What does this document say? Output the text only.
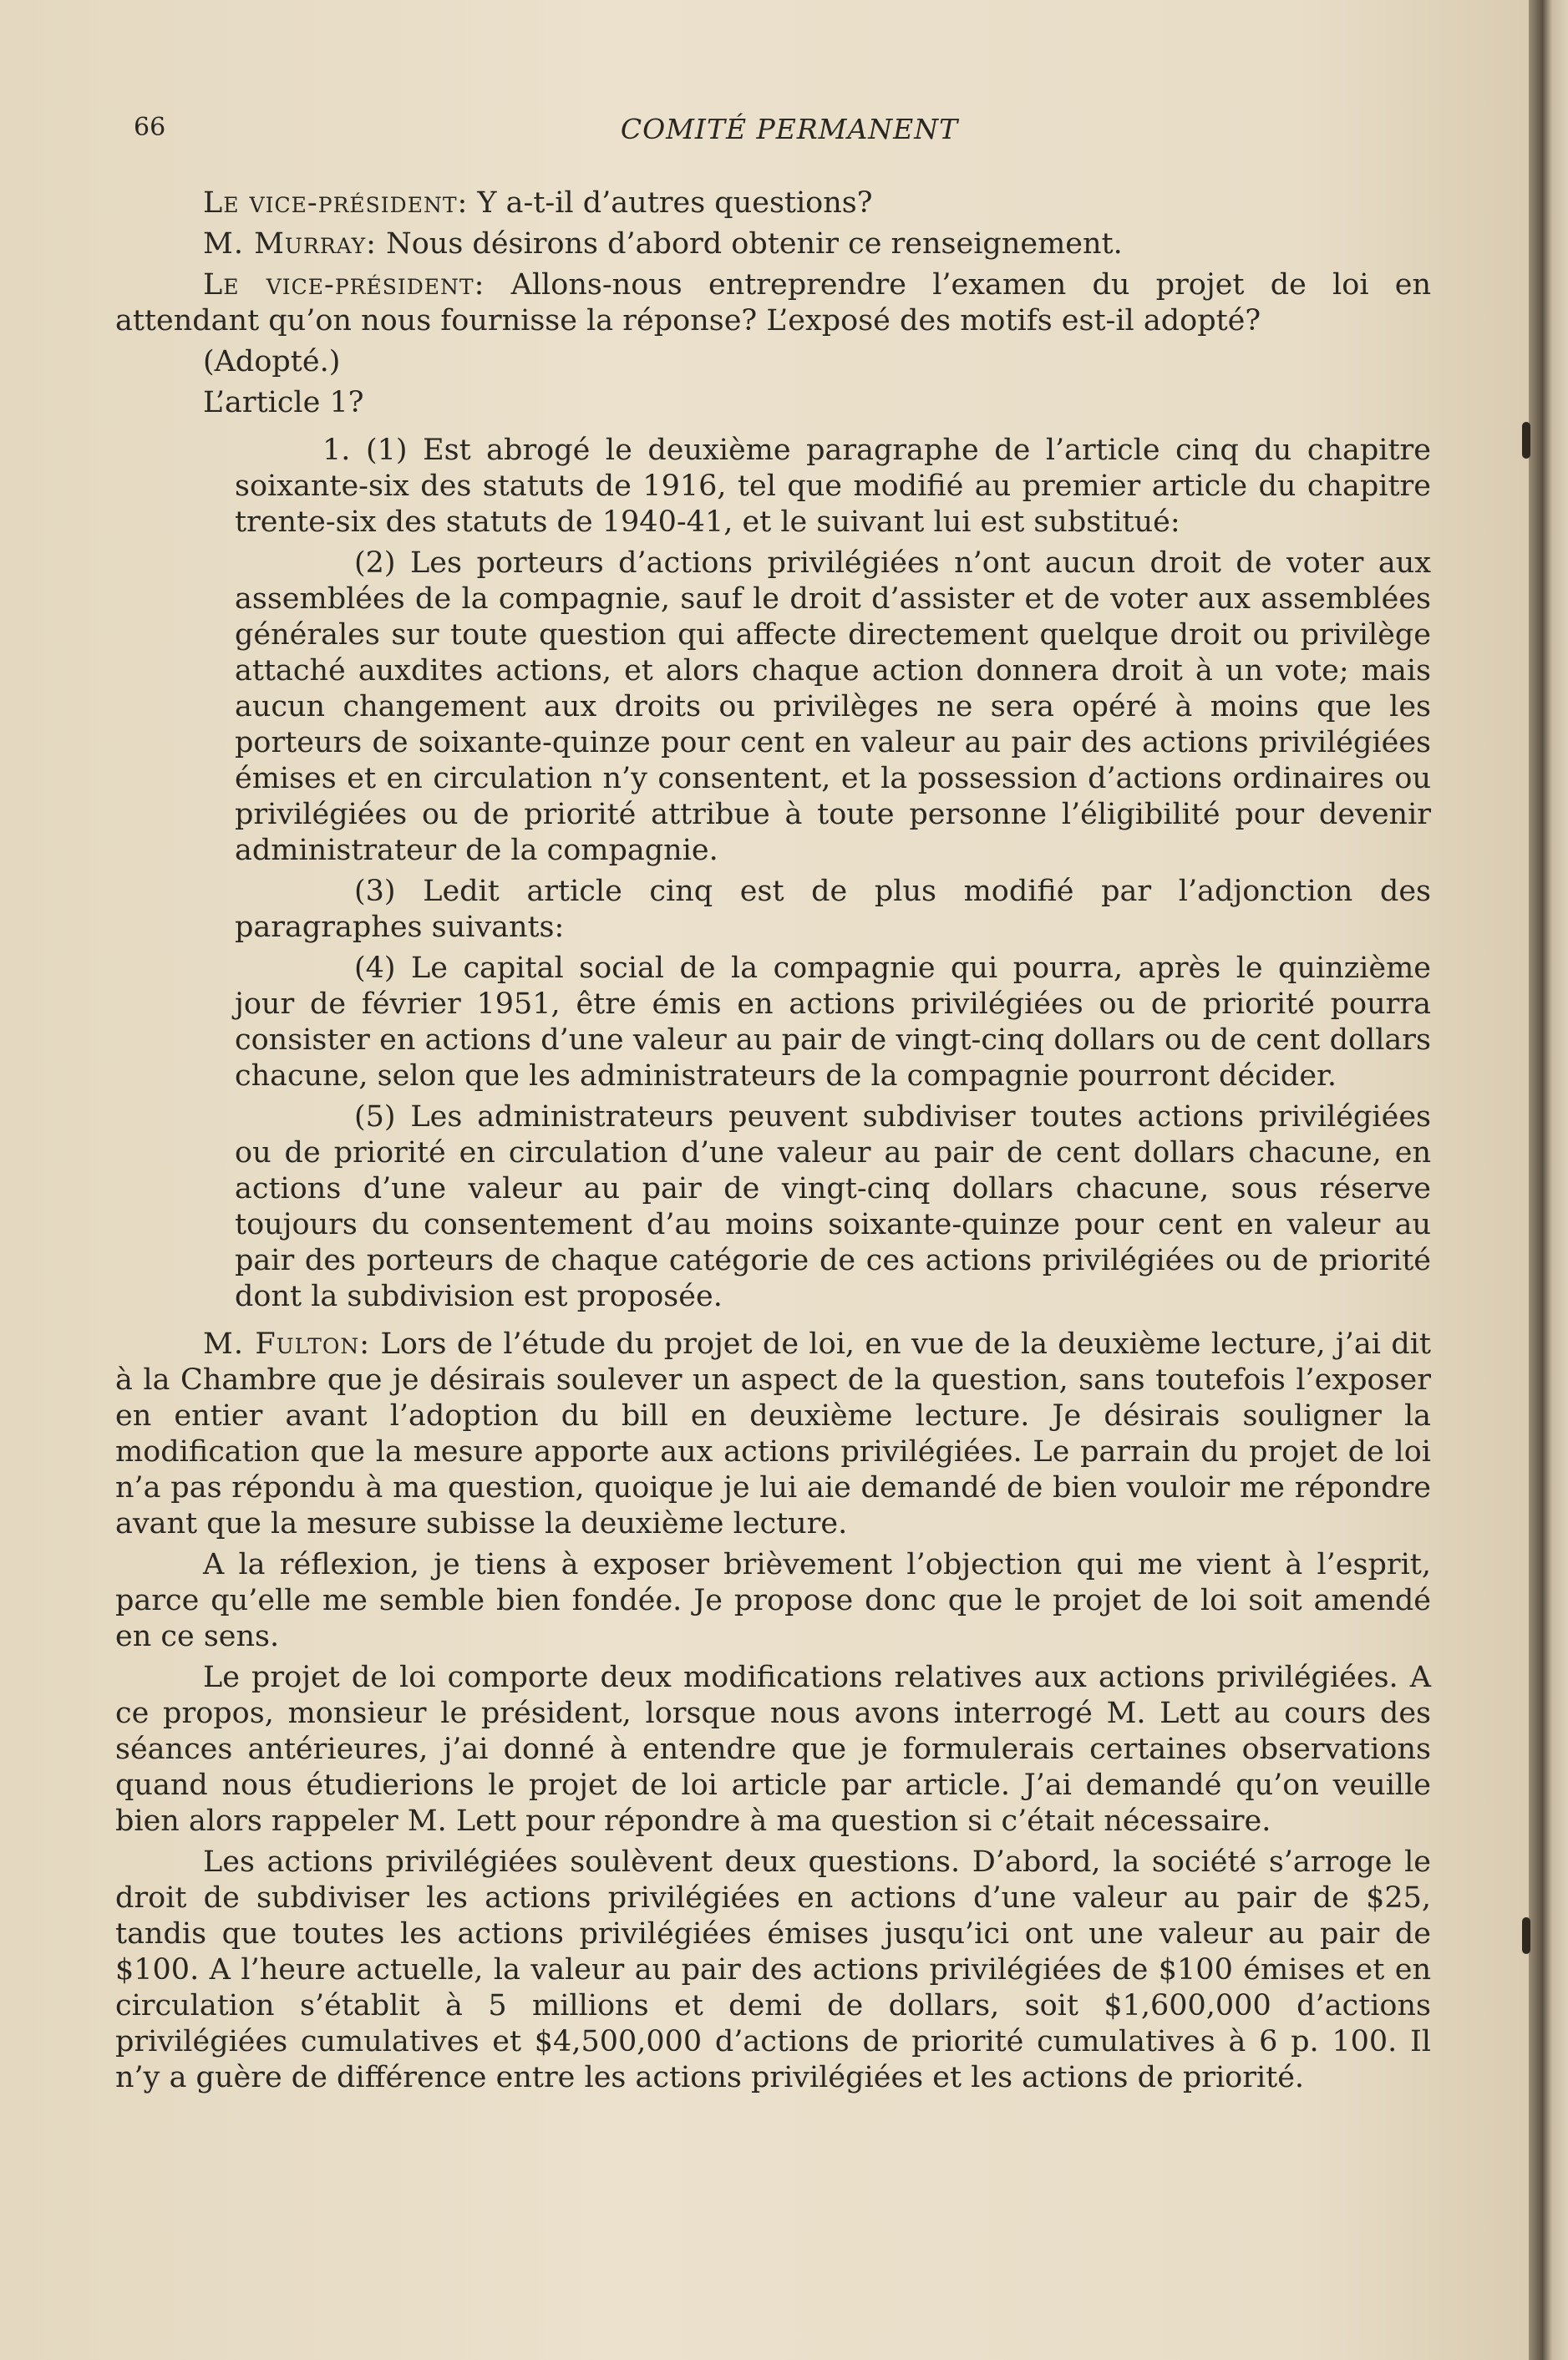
66	COMITÉ PERMANENT

Le vice-président: Y a-t-il d’autres questions?

M. Murray: Nous désirons d’abord obtenir ce renseignement.

Le vice-président: Allons-nous entreprendre l’examen du projet de loi en attendant qu’on nous fournisse la réponse? L’exposé des motifs est-il adopté?

(Adopté.)

L’article 1?

1. (1) Est abrogé le deuxième paragraphe de l’article cinq du chapitre soixante-six des statuts de 1916, tel que modifié au premier article du chapitre trente-six des statuts de 1940-41, et le suivant lui est substitué:

(2) Les porteurs d’actions privilégiées n’ont aucun droit de voter aux assemblées de la compagnie, sauf le droit d’assister et de voter aux assemblées générales sur toute question qui affecte directement quelque droit ou privilège attaché auxdites actions, et alors chaque action donnera droit à un vote; mais aucun changement aux droits ou privilèges ne sera opéré à moins que les porteurs de soixante-quinze pour cent en valeur au pair des actions privilégiées émises et en circulation n’y consentent, et la possession d’actions ordinaires ou privilégiées ou de priorité attribue à toute personne l’éligibilité pour devenir administrateur de la compagnie.

(3) Ledit article cinq est de plus modifié par l’adjonction des paragraphes suivants:

(4) Le capital social de la compagnie qui pourra, après le quinzième jour de février 1951, être émis en actions privilégiées ou de priorité pourra consister en actions d’une valeur au pair de vingt-cinq dollars ou de cent dollars chacune, selon que les administrateurs de la compagnie pourront décider.

(5) Les administrateurs peuvent subdiviser toutes actions privilégiées ou de priorité en circulation d’une valeur au pair de cent dollars chacune, en actions d’une valeur au pair de vingt-cinq dollars chacune, sous réserve toujours du consentement d’au moins soixante-quinze pour cent en valeur au pair des porteurs de chaque catégorie de ces actions privilégiées ou de priorité dont la subdivision est proposée.

M. Fulton: Lors de l’étude du projet de loi, en vue de la deuxième lecture, j’ai dit à la Chambre que je désirais soulever un aspect de la question, sans toutefois l’exposer en entier avant l’adoption du bill en deuxième lecture. Je désirais souligner la modification que la mesure apporte aux actions privilégiées. Le parrain du projet de loi n’a pas répondu à ma question, quoique je lui aie demandé de bien vouloir me répondre avant que la mesure subisse la deuxième lecture.

A la réflexion, je tiens à exposer brièvement l’objection qui me vient à l’esprit, parce qu’elle me semble bien fondée. Je propose donc que le projet de loi soit amendé en ce sens.

Le projet de loi comporte deux modifications relatives aux actions privilégiées. A ce propos, monsieur le président, lorsque nous avons interrogé M. Lett au cours des séances antérieures, j’ai donné à entendre que je formulerais certaines observations quand nous étudierions le projet de loi article par article. J’ai demandé qu’on veuille bien alors rappeler M. Lett pour répondre à ma question si c’était nécessaire.

Les actions privilégiées soulèvent deux questions. D’abord, la société s’arroge le droit de subdiviser les actions privilégiées en actions d’une valeur au pair de $25, tandis que toutes les actions privilégiées émises jusqu’ici ont une valeur au pair de $100. A l’heure actuelle, la valeur au pair des actions privilégiées de $100 émises et en circulation s’établit à 5 millions et demi de dollars, soit $1,600,000 d’actions privilégiées cumulatives et $4,500,000 d’actions de priorité cumulatives à 6 p. 100. Il n’y a guère de différence entre les actions privilégiées et les actions de priorité.
